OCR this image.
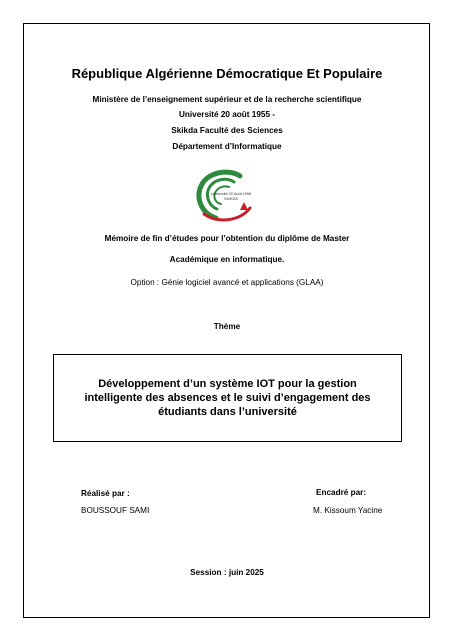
République Algérienne Démocratique Et Populaire
Ministère de l’enseignement supérieur et de la recherche scientifique
Université 20 août 1955 -
Skikda Faculté des Sciences
Département d’Informatique
Université 20 Août 1955
SKIKDA
Mémoire de fin d’études pour l’obtention du diplôme de Master
Académique en informatique.
Option : Génie logiciel avancé et applications (GLAA)
Thème
Développement d’un système IOT pour la gestion
intelligente des absences et le suivi d’engagement des
étudiants dans l’université
Réalisé par :
BOUSSOUF SAMI
Encadré par:
M. Kissoum Yacine
Session : juin 2025
